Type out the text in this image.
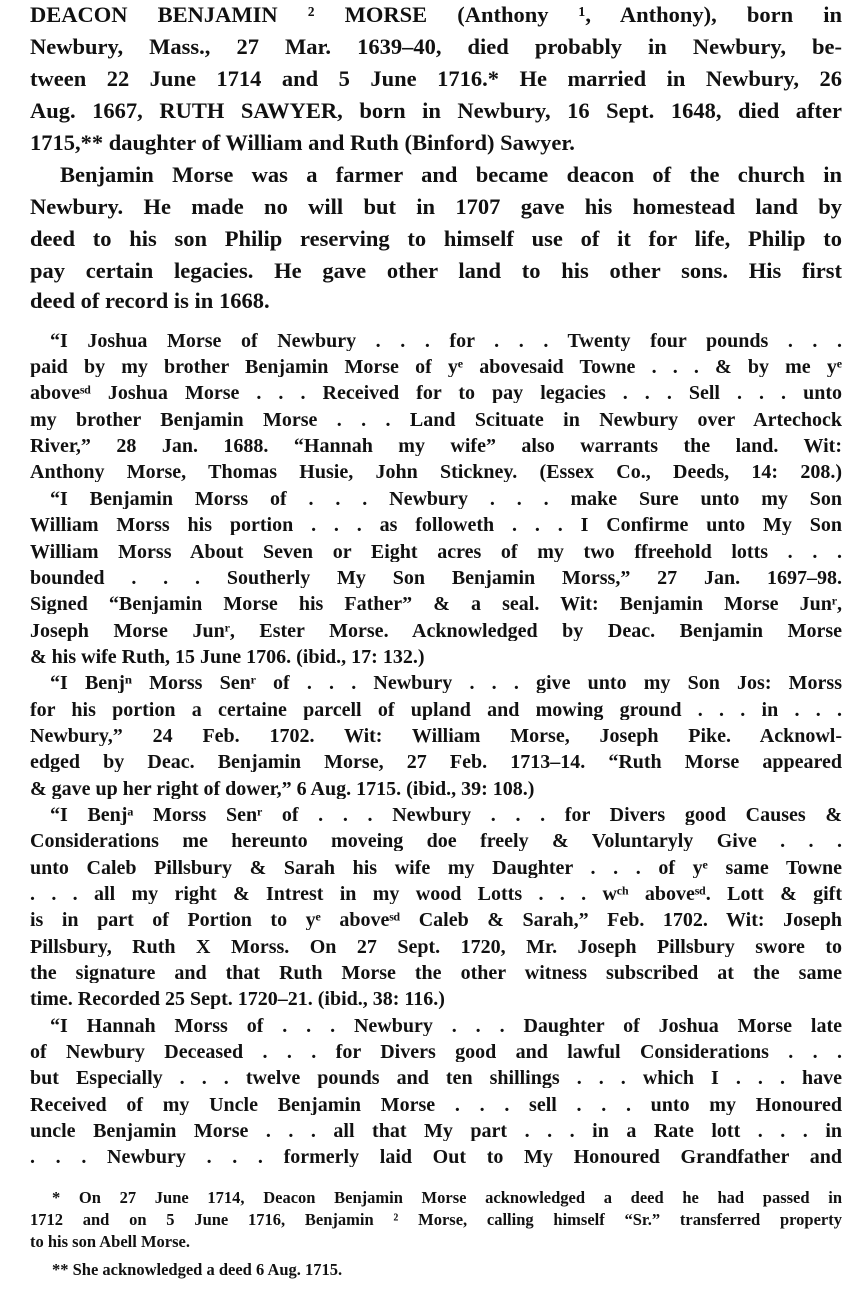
DEACON BENJAMIN ² MORSE (Anthony ¹, Anthony), born in
Newbury, Mass., 27 Mar. 1639–40, died probably in Newbury, be-
tween 22 June 1714 and 5 June 1716.* He married in Newbury, 26
Aug. 1667, RUTH SAWYER, born in Newbury, 16 Sept. 1648, died after
1715,** daughter of William and Ruth (Binford) Sawyer.
Benjamin Morse was a farmer and became deacon of the church in
Newbury. He made no will but in 1707 gave his homestead land by
deed to his son Philip reserving to himself use of it for life, Philip to
pay certain legacies. He gave other land to his other sons. His first
deed of record is in 1668.
“I Joshua Morse of Newbury . . . for . . . Twenty four pounds . . .
paid by my brother Benjamin Morse of yᵉ abovesaid Towne . . . & by me yᵉ
aboveˢᵈ Joshua Morse . . . Received for to pay legacies . . . Sell . . . unto
my brother Benjamin Morse . . . Land Scituate in Newbury over Artechock
River,” 28 Jan. 1688. “Hannah my wife” also warrants the land. Wit:
Anthony Morse, Thomas Husie, John Stickney. (Essex Co., Deeds, 14: 208.)
“I Benjamin Morss of . . . Newbury . . . make Sure unto my Son
William Morss his portion . . . as followeth . . . I Confirme unto My Son
William Morss About Seven or Eight acres of my two ffreehold lotts . . .
bounded . . . Southerly My Son Benjamin Morss,” 27 Jan. 1697–98.
Signed “Benjamin Morse his Father” & a seal. Wit: Benjamin Morse Junʳ,
Joseph Morse Junʳ, Ester Morse. Acknowledged by Deac. Benjamin Morse
& his wife Ruth, 15 June 1706. (ibid., 17: 132.)
“I Benjⁿ Morss Senʳ of . . . Newbury . . . give unto my Son Jos: Morss
for his portion a certaine parcell of upland and mowing ground . . . in . . .
Newbury,” 24 Feb. 1702. Wit: William Morse, Joseph Pike. Acknowl-
edged by Deac. Benjamin Morse, 27 Feb. 1713–14. “Ruth Morse appeared
& gave up her right of dower,” 6 Aug. 1715. (ibid., 39: 108.)
“I Benjᵃ Morss Senʳ of . . . Newbury . . . for Divers good Causes &
Considerations me hereunto moveing doe freely & Voluntaryly Give . . .
unto Caleb Pillsbury & Sarah his wife my Daughter . . . of yᵉ same Towne
. . . all my right & Intrest in my wood Lotts . . . wᶜʰ aboveˢᵈ. Lott & gift
is in part of Portion to yᵉ aboveˢᵈ Caleb & Sarah,” Feb. 1702. Wit: Joseph
Pillsbury, Ruth X Morss. On 27 Sept. 1720, Mr. Joseph Pillsbury swore to
the signature and that Ruth Morse the other witness subscribed at the same
time. Recorded 25 Sept. 1720–21. (ibid., 38: 116.)
“I Hannah Morss of . . . Newbury . . . Daughter of Joshua Morse late
of Newbury Deceased . . . for Divers good and lawful Considerations . . .
but Especially . . . twelve pounds and ten shillings . . . which I . . . have
Received of my Uncle Benjamin Morse . . . sell . . . unto my Honoured
uncle Benjamin Morse . . . all that My part . . . in a Rate lott . . . in
. . . Newbury . . . formerly laid Out to My Honoured Grandfather and
* On 27 June 1714, Deacon Benjamin Morse acknowledged a deed he had passed in
1712 and on 5 June 1716, Benjamin ² Morse, calling himself “Sr.” transferred property
to his son Abell Morse.
** She acknowledged a deed 6 Aug. 1715.
